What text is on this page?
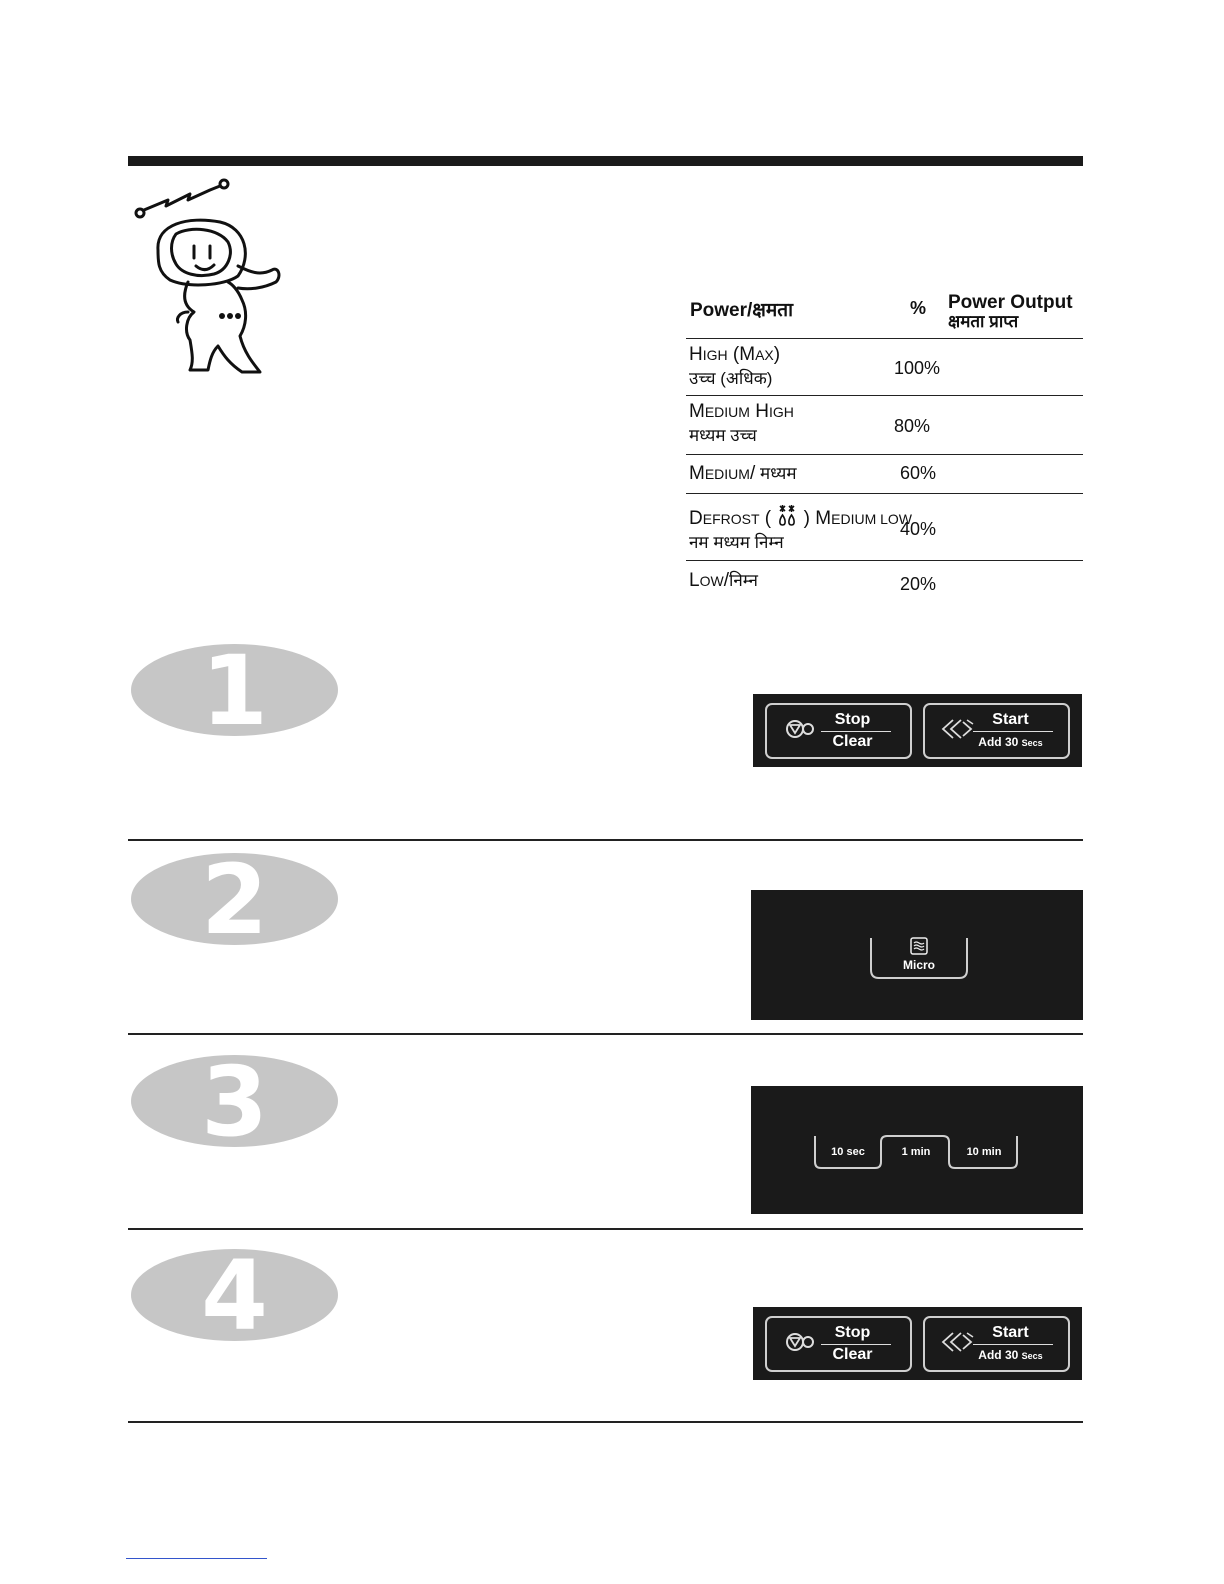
Power/क्षमता	% Power Output
क्षमता प्राप्त
HIGH (MAX)
उच्च (अधिक)
100%
MEDIUM HIGH
मध्यम उच्च	80%
MEDIUM/ मध्यम	60%
DEFROST (  ) MEDIUM LOW
नम मध्यम निम्न
40%
LOW/निम्न	20%
1
2
3
4
Stop
Clear
Start
Add 30 Secs
Micro
10 sec	1 min	10 min
Stop
Clear
Start
Add 30 Secs
